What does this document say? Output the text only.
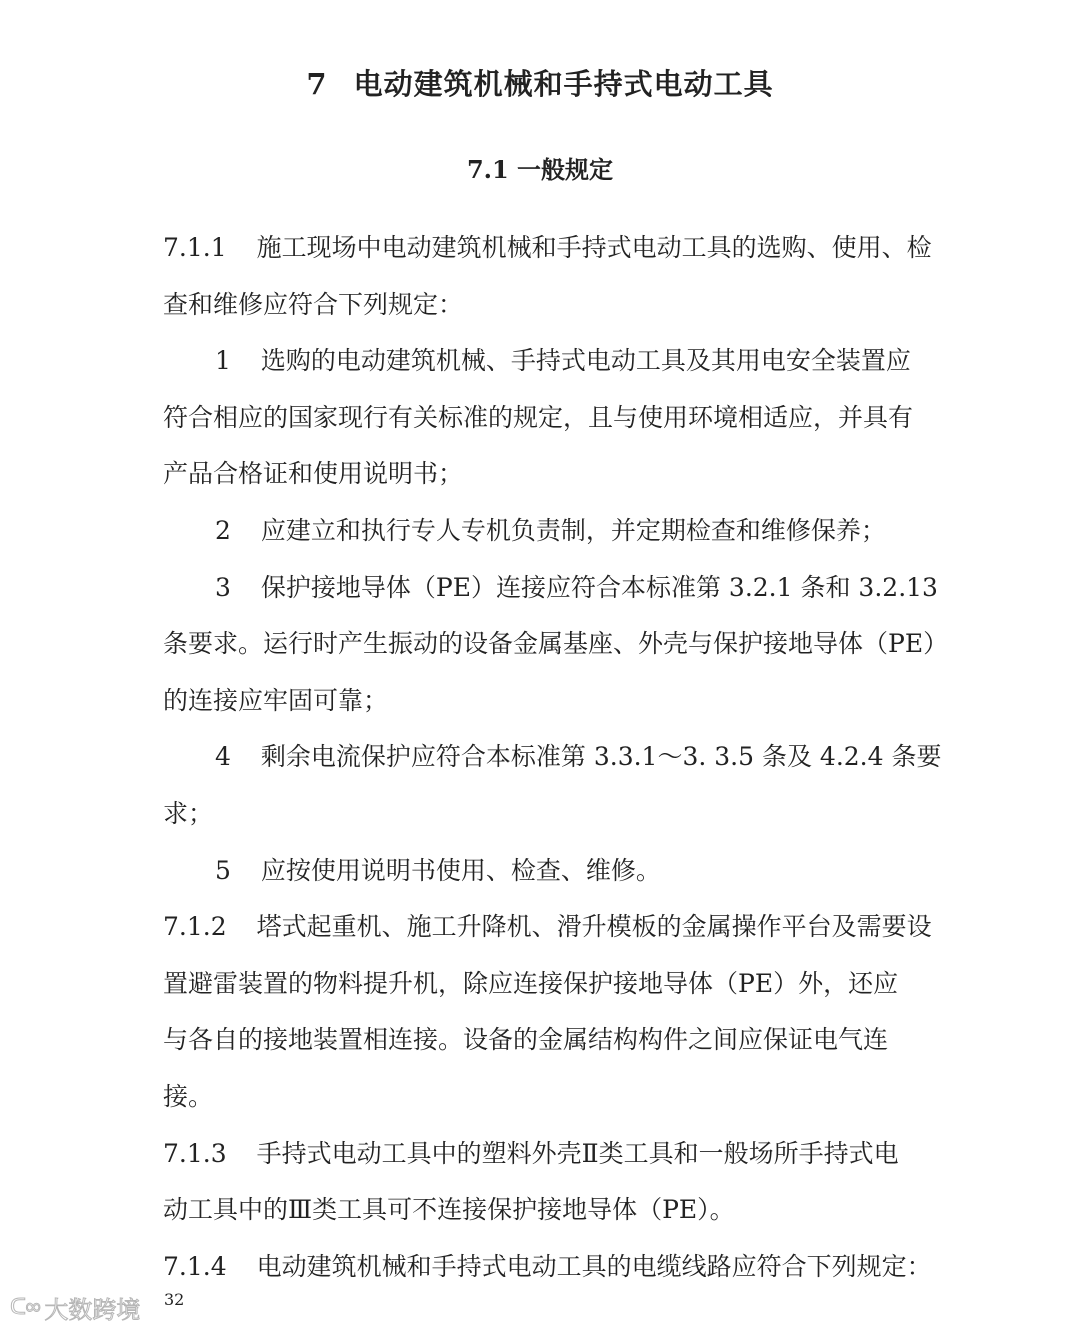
7 电动建筑机械和手持式电动工具
7.1 一般规定
7.1.1 施工现场中电动建筑机械和手持式电动工具的选购、使用、检
查和维修应符合下列规定：
1 选购的电动建筑机械、手持式电动工具及其用电安全装置应
符合相应的国家现行有关标准的规定，且与使用环境相适应，并具有
产品合格证和使用说明书；
2 应建立和执行专人专机负责制，并定期检查和维修保养；
3 保护接地导体（PE）连接应符合本标准第 3.2.1 条和 3.2.13
条要求。运行时产生振动的设备金属基座、外壳与保护接地导体（PE）
的连接应牢固可靠；
4 剩余电流保护应符合本标准第 3.3.1～3. 3.5 条及 4.2.4 条要
求；
5 应按使用说明书使用、检查、维修。
7.1.2 塔式起重机、施工升降机、滑升模板的金属操作平台及需要设
置避雷装置的物料提升机，除应连接保护接地导体（PE）外，还应
与各自的接地装置相连接。设备的金属结构构件之间应保证电气连
接。
7.1.3 手持式电动工具中的塑料外壳Ⅱ类工具和一般场所手持式电
动工具中的Ⅲ类工具可不连接保护接地导体（PE）。
7.1.4 电动建筑机械和手持式电动工具的电缆线路应符合下列规定：
32
ᑕ∞ 大数跨境
